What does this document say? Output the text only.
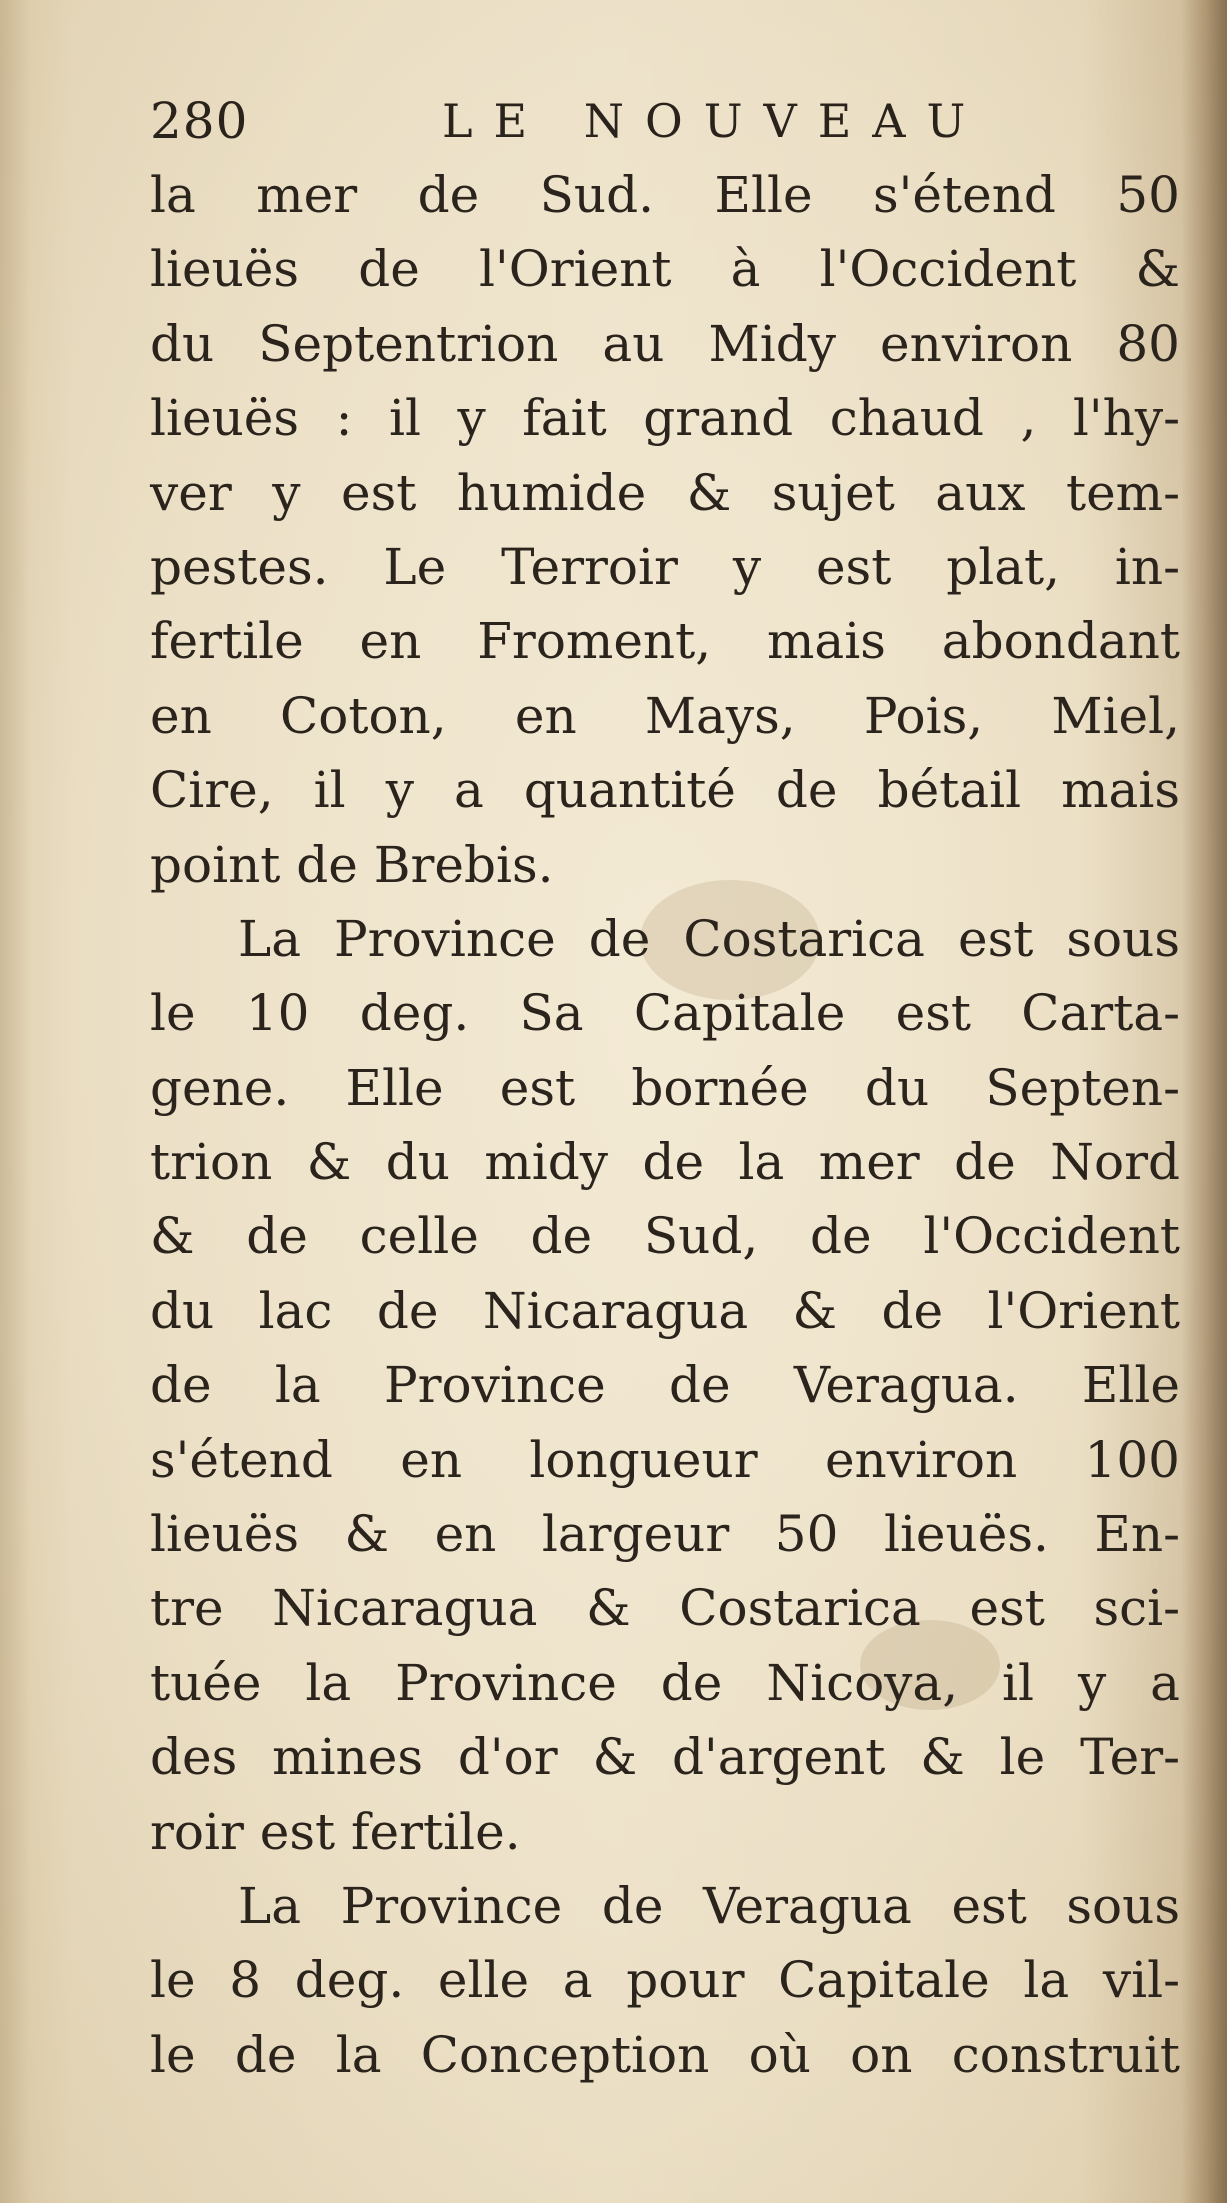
280	LE NOUVEAU
la mer de Sud. Elle s'étend 50
lieuës de l'Orient à l'Occident &
du Septentrion au Midy environ 80
lieuës : il y fait grand chaud , l'hy-
ver y est humide & sujet aux tem-
pestes. Le Terroir y est plat, in-
fertile en Froment, mais abondant
en Coton, en Mays, Pois, Miel,
Cire, il y a quantité de bétail mais
point de Brebis.
La Province de Costarica est sous
le 10 deg. Sa Capitale est Carta-
gene. Elle est bornée du Septen-
trion & du midy de la mer de Nord
& de celle de Sud, de l'Occident
du lac de Nicaragua & de l'Orient
de la Province de Veragua. Elle
s'étend en longueur environ 100
lieuës & en largeur 50 lieuës. En-
tre Nicaragua & Costarica est sci-
tuée la Province de Nicoya, il y a
des mines d'or & d'argent & le Ter-
roir est fertile.
La Province de Veragua est sous
le 8 deg. elle a pour Capitale la vil-
le de la Conception où on construit
